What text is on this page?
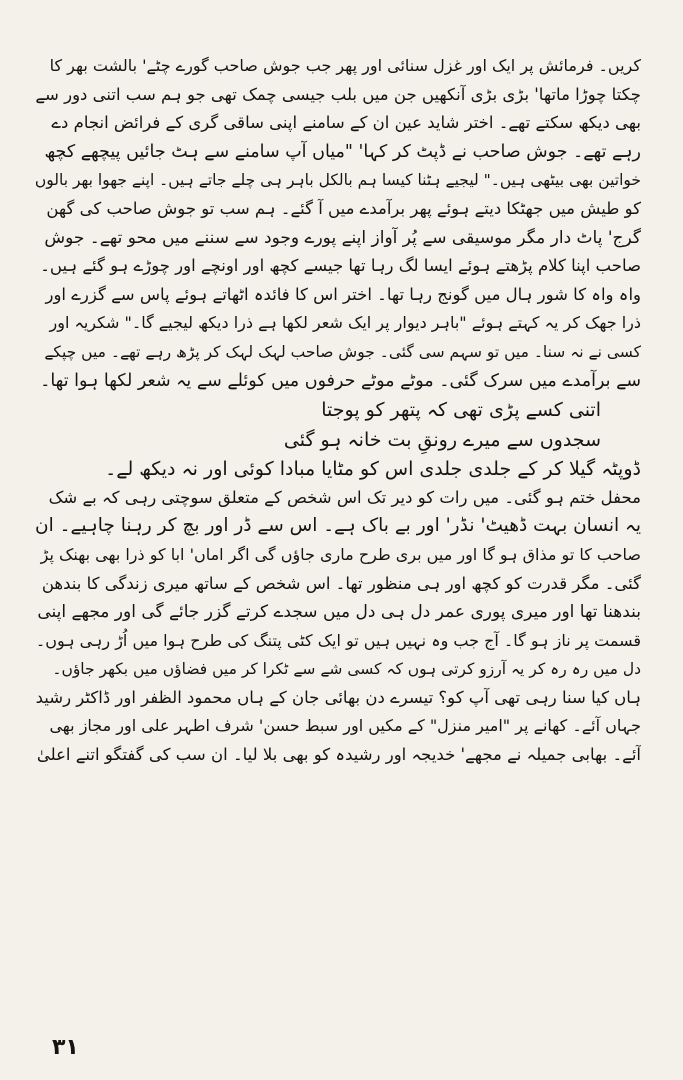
کریں۔ فرمائش پر ایک اور غزل سنائی اور پھر جب جوش صاحب گورے چٹے' بالشت بھر کا
چکتا چوڑا ماتھا' بڑی بڑی آنکھیں جن میں بلب جیسی چمک تھی جو ہم سب اتنی دور سے
بھی دیکھ سکتے تھے۔ اختر شاید عین ان کے سامنے اپنی ساقی گری کے فرائض انجام دے
رہے تھے۔ جوش صاحب نے ڈپٹ کر کہا' "میاں آپ سامنے سے ہٹ جائیں پیچھے کچھ
خواتین بھی بیٹھی ہیں۔" لیجیے ہٹنا کیسا ہم بالکل باہر ہی چلے جاتے ہیں۔ اپنے جھوا بھر بالوں
کو طیش میں جھٹکا دیتے ہوئے پھر برآمدے میں آ گئے۔ ہم سب تو جوش صاحب کی گھن
گرج' پاٹ دار مگر موسیقی سے پُر آواز اپنے پورے وجود سے سننے میں محو تھے۔ جوش
صاحب اپنا کلام پڑھتے ہوئے ایسا لگ رہا تھا جیسے کچھ اور اونچے اور چوڑے ہو گئے ہیں۔
واہ واہ کا شور ہال میں گونج رہا تھا۔ اختر اس کا فائدہ اٹھاتے ہوئے پاس سے گزرے اور
ذرا جھک کر یہ کہتے ہوئے "باہر دیوار پر ایک شعر لکھا ہے ذرا دیکھ لیجیے گا۔" شکریہ اور
کسی نے نہ سنا۔ میں تو سہم سی گئی۔ جوش صاحب لہک لہک کر پڑھ رہے تھے۔ میں چپکے
سے برآمدے میں سرک گئی۔ موٹے موٹے حرفوں میں کوئلے سے یہ شعر لکھا ہوا تھا۔
اتنی کسے پڑی تھی کہ پتھر کو پوجتا
سجدوں سے میرے رونقِ بت خانہ ہو گئی
ڈوپٹہ گیلا کر کے جلدی جلدی اس کو مٹایا مبادا کوئی اور نہ دیکھ لے۔
محفل ختم ہو گئی۔ میں رات کو دیر تک اس شخص کے متعلق سوچتی رہی کہ بے شک
یہ انسان بہت ڈھیٹ' نڈر' اور بے باک ہے۔ اس سے ڈر اور بچ کر رہنا چاہیے۔ ان
صاحب کا تو مذاق ہو گا اور میں بری طرح ماری جاؤں گی اگر اماں' ابا کو ذرا بھی بھنک پڑ
گئی۔ مگر قدرت کو کچھ اور ہی منظور تھا۔ اس شخص کے ساتھ میری زندگی کا بندھن
بندھنا تھا اور میری پوری عمر دل ہی دل میں سجدے کرتے گزر جائے گی اور مجھے اپنی
قسمت پر ناز ہو گا۔ آج جب وہ نہیں ہیں تو ایک کٹی پتنگ کی طرح ہوا میں اُڑ رہی ہوں۔
دل میں رہ رہ کر یہ آرزو کرتی ہوں کہ کسی شے سے ٹکرا کر میں فضاؤں میں بکھر جاؤں۔
ہاں کیا سنا رہی تھی آپ کو؟ تیسرے دن بھائی جان کے ہاں محمود الظفر اور ڈاکٹر رشید
جہاں آئے۔ کھانے پر "امیر منزل" کے مکیں اور سبط حسن' شرف اطہر علی اور مجاز بھی
آئے۔ بھابی جمیلہ نے مجھے' خدیجہ اور رشیدہ کو بھی بلا لیا۔ ان سب کی گفتگو اتنے اعلیٰ
۳۱
